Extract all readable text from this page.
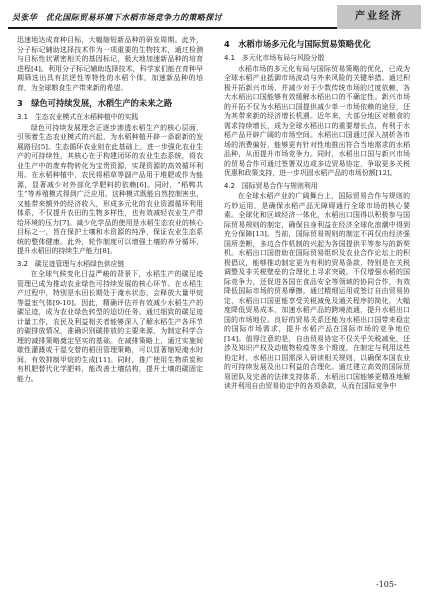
吴张华　优化国际贸易环境下水稻市场竞争力的策略探讨	产业经济

迅速地达成育种目标，大幅缩短新品种的研发周期。此外，分子标记辅助选择技术作为一项重要的生物技术，通过检测与目标性状紧密相关的基因标记，极大地加速新品种的培育进程[4]。利用分子标记辅助选择技术，科学家们能在育种早期筛选出具有抗逆性等特性的水稻个体，加速新品种的培育，为全球粮食生产带来新的希望。

3　绿色可持续发展，水稻生产的未来之路
3.1　生态农业模式在水稻种植中的实践

绿色可持续发展理念正逐步渗透水稻生产的核心层面，引领着生态农业模式的兴起，为水稻种植开辟一条崭新的发展路径[5]。生态循环农业则在此基础上，进一步强化农业生产的可持续性，其核心在于构建闭环的农业生态系统，将农业生产中的废弃物转化为宝贵资源，实现资源的高效循环利用。在水稻种植中，农民将稻草等副产品用于堆肥或作为能源，显著减少对外部化学肥料的依赖[6]。同时，“稻鸭共生”等养殖模式得到广泛应用。这种模式既能自然控制害虫，又能带来额外的经济收入，形成多元化的农业资源循环利用体系，不仅提升农田的生物多样性，也有效减轻农业生产带给环境的压力[7]。减少化学品的使用是水稻生态农业的核心目标之一，旨在保护土壤和水资源的纯净，保证农业生态系统的整体健康。此外，轮作制度可以增强土壤的养分循环，提升水稻田的持续生产能力[8]。

3.2　碳足迹管理与水稻绿色供应链

在全球气候变化日益严峻的背景下，水稻生产的碳足迹管理已成为推动农业绿色可持续发展的核心环节。在水稻生产过程中，特别是水田长期处于淹水状态，会释放大量甲烷等温室气体[9-10]。因此，精确评估并有效减少水稻生产的碳足迹，成为农业绿色转型的迫切任务。通过细致的碳足迹计量工作，农民及利益相关者能够深入了解水稻生产各环节的碳排放情况，准确识别碳排放的主要来源，为制定科学合理的减排策略奠定坚实的基础。在减排策略上，通过实施间歇性灌溉或干湿交替的稻田管理策略，可以显著缩短淹水时间，有效抑制甲烷的生成[11]。同时，推广使用生物质炭和有机肥替代化学肥料，能改善土壤结构，提升土壤的碳固定能力。

4　水稻市场多元化与国际贸易策略优化
4.1　多元化市场布局与风险分散

水稻市场的多元化布局与国际贸易策略的优化，已成为全球水稻产业抵御市场波动与外来风险的关键举措。通过积极开拓新兴市场，并减少对于少数传统市场的过度依赖，各大水稻出口国能够有效缓解水稻出口的不确定性。新兴市场的开拓不仅为水稻出口国提供减少单一市场依赖的途径，还为其带来新的经济增长机遇。近年来，大部分地区对粮食的需求持续增长，成为全球水稻出口的重要增长点，有利于水稻产品开辟广阔的市场空间。水稻出口国通过深入剖析各市场的消费偏好，能够更有针对性地推出符合当地需求的水稻品种，从而提升市场竞争力。同时，水稻出口国与新兴市场的贸易合作可通过签署双边或多边贸易协定，争取更多关税优惠和政策支持，进一步巩固水稻产品的市场份额[12]。

4.2　国际贸易合作与规则利用

在全球水稻产业的广阔舞台上，国际贸易合作与规则的巧妙运用，是确保水稻产品无障碍通行全球市场的核心要素。全球化和区域经济一体化，水稻出口国得以积极参与国际贸易规则的制定，确保自身利益在经济全球化浪潮中得到充分保障[13]。当前，国际贸易规则的制定不再仅由经济强国所垄断，多边合作机制的兴起为各国提供平等参与的新契机。水稻出口国借助在国际贸易组织及农业合作论坛上的积极倡议，能够推动制定更为有利的贸易条款，特别是在关税调整及非关税壁垒的合理化上寻求突破，不仅增强水稻的国际竞争力，还促进各国在食品安全等领域的协同合作，有效降低国际市场的贸易摩擦。通过精细运用或签订自由贸易协定，水稻出口国更能享受关税减免及通关程序的简化，大幅度降低贸易成本，加速水稻产品的跨境流通，提升水稻出口国的市场地位。良好的贸易关系还能为水稻出口国带来稳定的国际市场需求，提升水稻产品在国际市场的竞争地位[14]。值得注意的是，自由贸易协定不仅关乎关税减免，还涉及知识产权及动植物检疫等多个维度，在制定与利用这些协定时，水稻出口国需深入研读相关规则，以确保本国农业的可持续发展及出口利益的合理化。通过建立高效的国际贸易团队及完善的法律支持体系，水稻出口国能够更精准地解读并利用自由贸易协定中的各项条款，从而在国际竞争中

-105-
